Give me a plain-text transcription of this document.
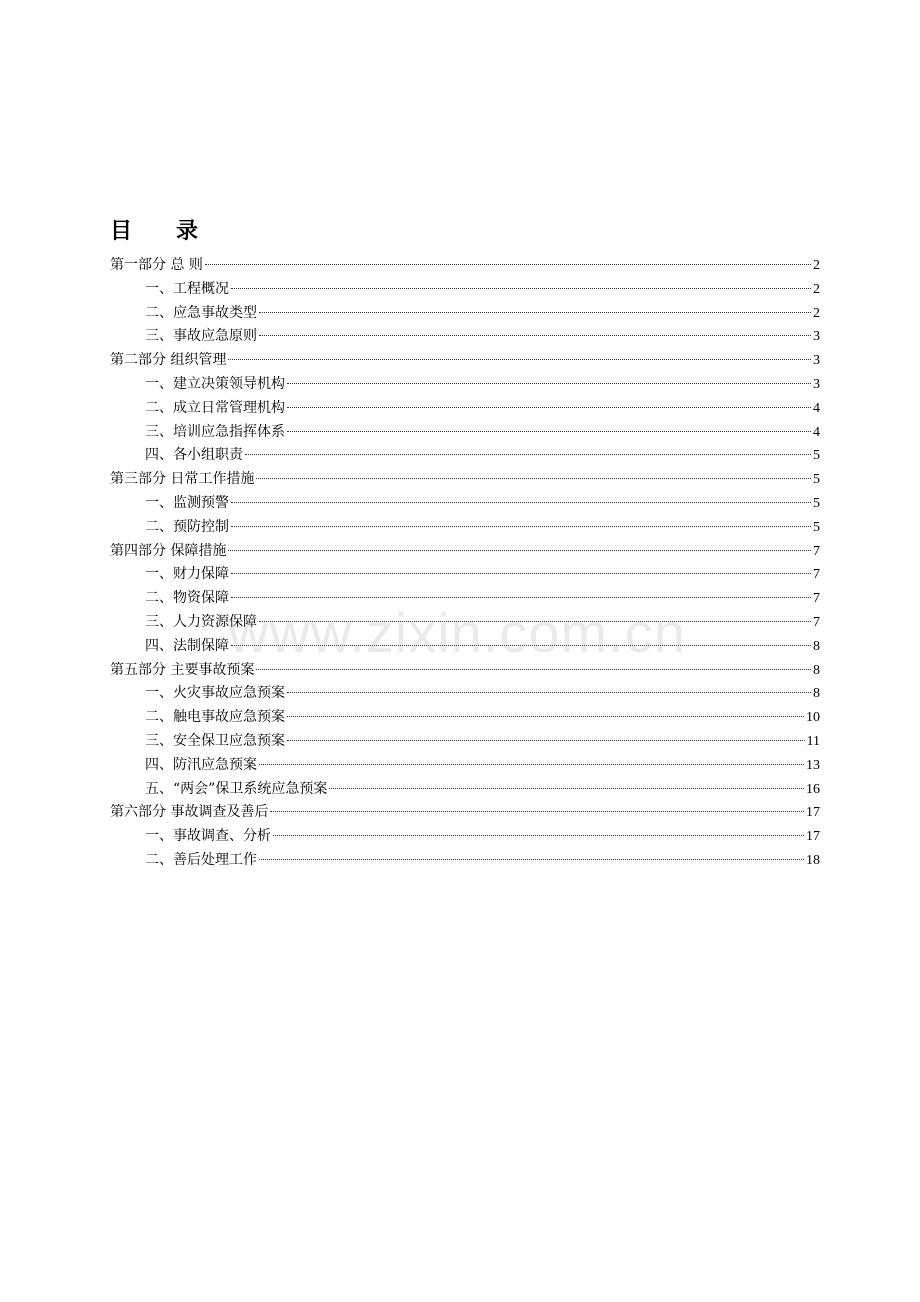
目　　录
第一部分 总 则	2
一、工程概况	2
二、应急事故类型	2
三、事故应急原则	3
第二部分 组织管理	3
一、建立决策领导机构	3
二、成立日常管理机构	4
三、培训应急指挥体系	4
四、各小组职责	5
第三部分 日常工作措施	5
一、监测预警	5
二、预防控制	5
第四部分 保障措施	7
一、财力保障	7
二、物资保障	7
三、人力资源保障	7
四、法制保障	8
第五部分 主要事故预案	8
一、火灾事故应急预案	8
二、触电事故应急预案	10
三、安全保卫应急预案	11
四、防汛应急预案	13
五、“两会”保卫系统应急预案	16
第六部分 事故调查及善后	17
一、事故调查、分析	17
二、善后处理工作	18
www.zixin.com.cn
